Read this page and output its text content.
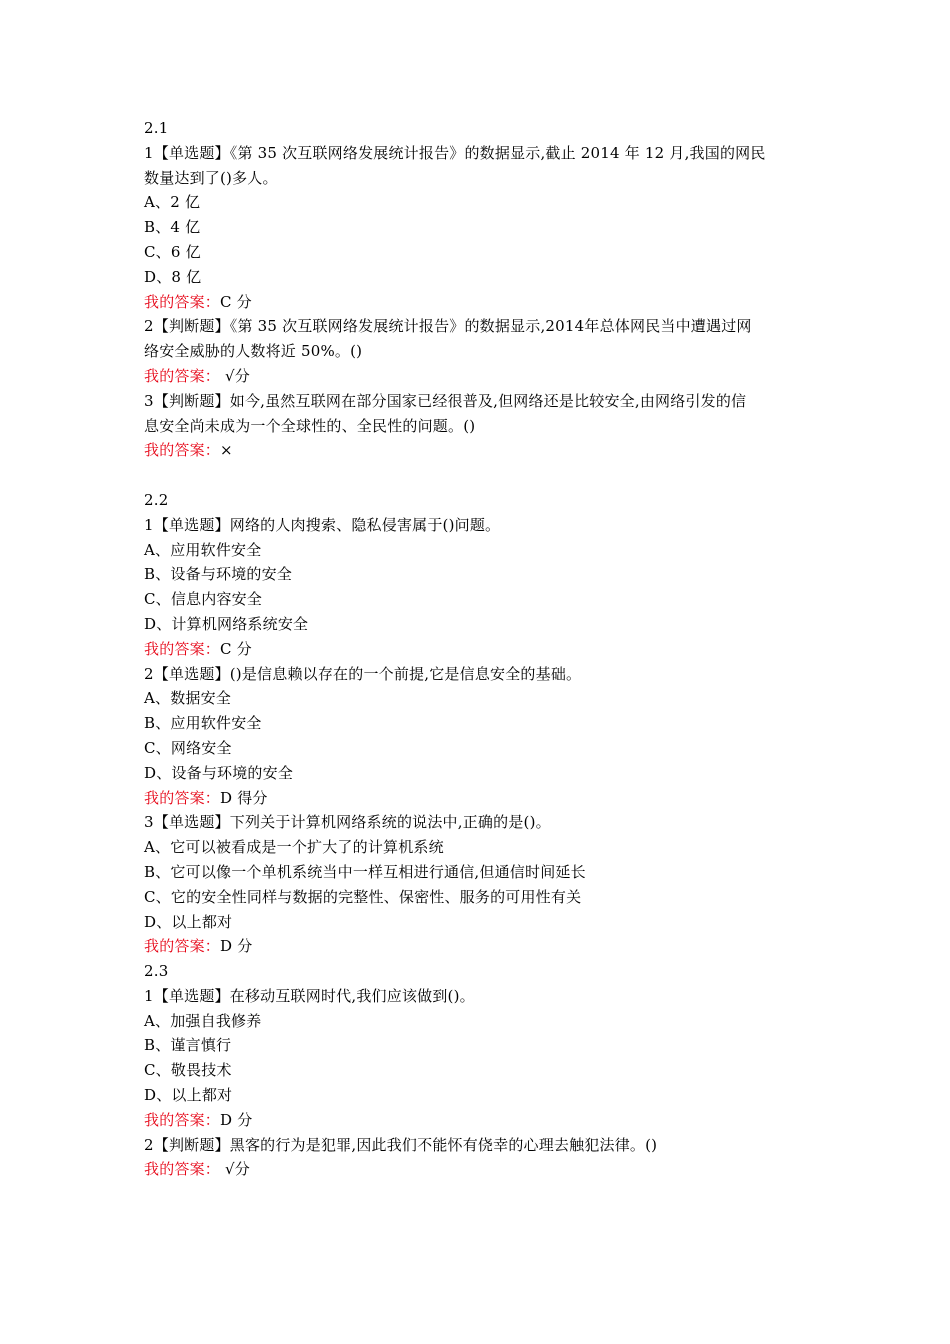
2.1
1【单选题】《第 35 次互联网络发展统计报告》的数据显示,截止 2014 年 12 月,我国的网民
数量达到了()多人。
A、2 亿
B、4 亿
C、6 亿
D、8 亿
我的答案：C 分
2【判断题】《第 35 次互联网络发展统计报告》的数据显示,2014年总体网民当中遭遇过网
络安全威胁的人数将近 50%。()
我的答案： √分
3【判断题】如今,虽然互联网在部分国家已经很普及,但网络还是比较安全,由网络引发的信
息安全尚未成为一个全球性的、全民性的问题。()
我的答案：×
2.2
1【单选题】网络的人肉搜索、隐私侵害属于()问题。
A、应用软件安全
B、设备与环境的安全
C、信息内容安全
D、计算机网络系统安全
我的答案：C 分
2【单选题】()是信息赖以存在的一个前提,它是信息安全的基础。
A、数据安全
B、应用软件安全
C、网络安全
D、设备与环境的安全
我的答案：D 得分
3【单选题】下列关于计算机网络系统的说法中,正确的是()。
A、它可以被看成是一个扩大了的计算机系统
B、它可以像一个单机系统当中一样互相进行通信,但通信时间延长
C、它的安全性同样与数据的完整性、保密性、服务的可用性有关
D、以上都对
我的答案：D 分
2.3
1【单选题】在移动互联网时代,我们应该做到()。
A、加强自我修养
B、谨言慎行
C、敬畏技术
D、以上都对
我的答案：D 分
2【判断题】黑客的行为是犯罪,因此我们不能怀有侥幸的心理去触犯法律。()
我的答案： √分
